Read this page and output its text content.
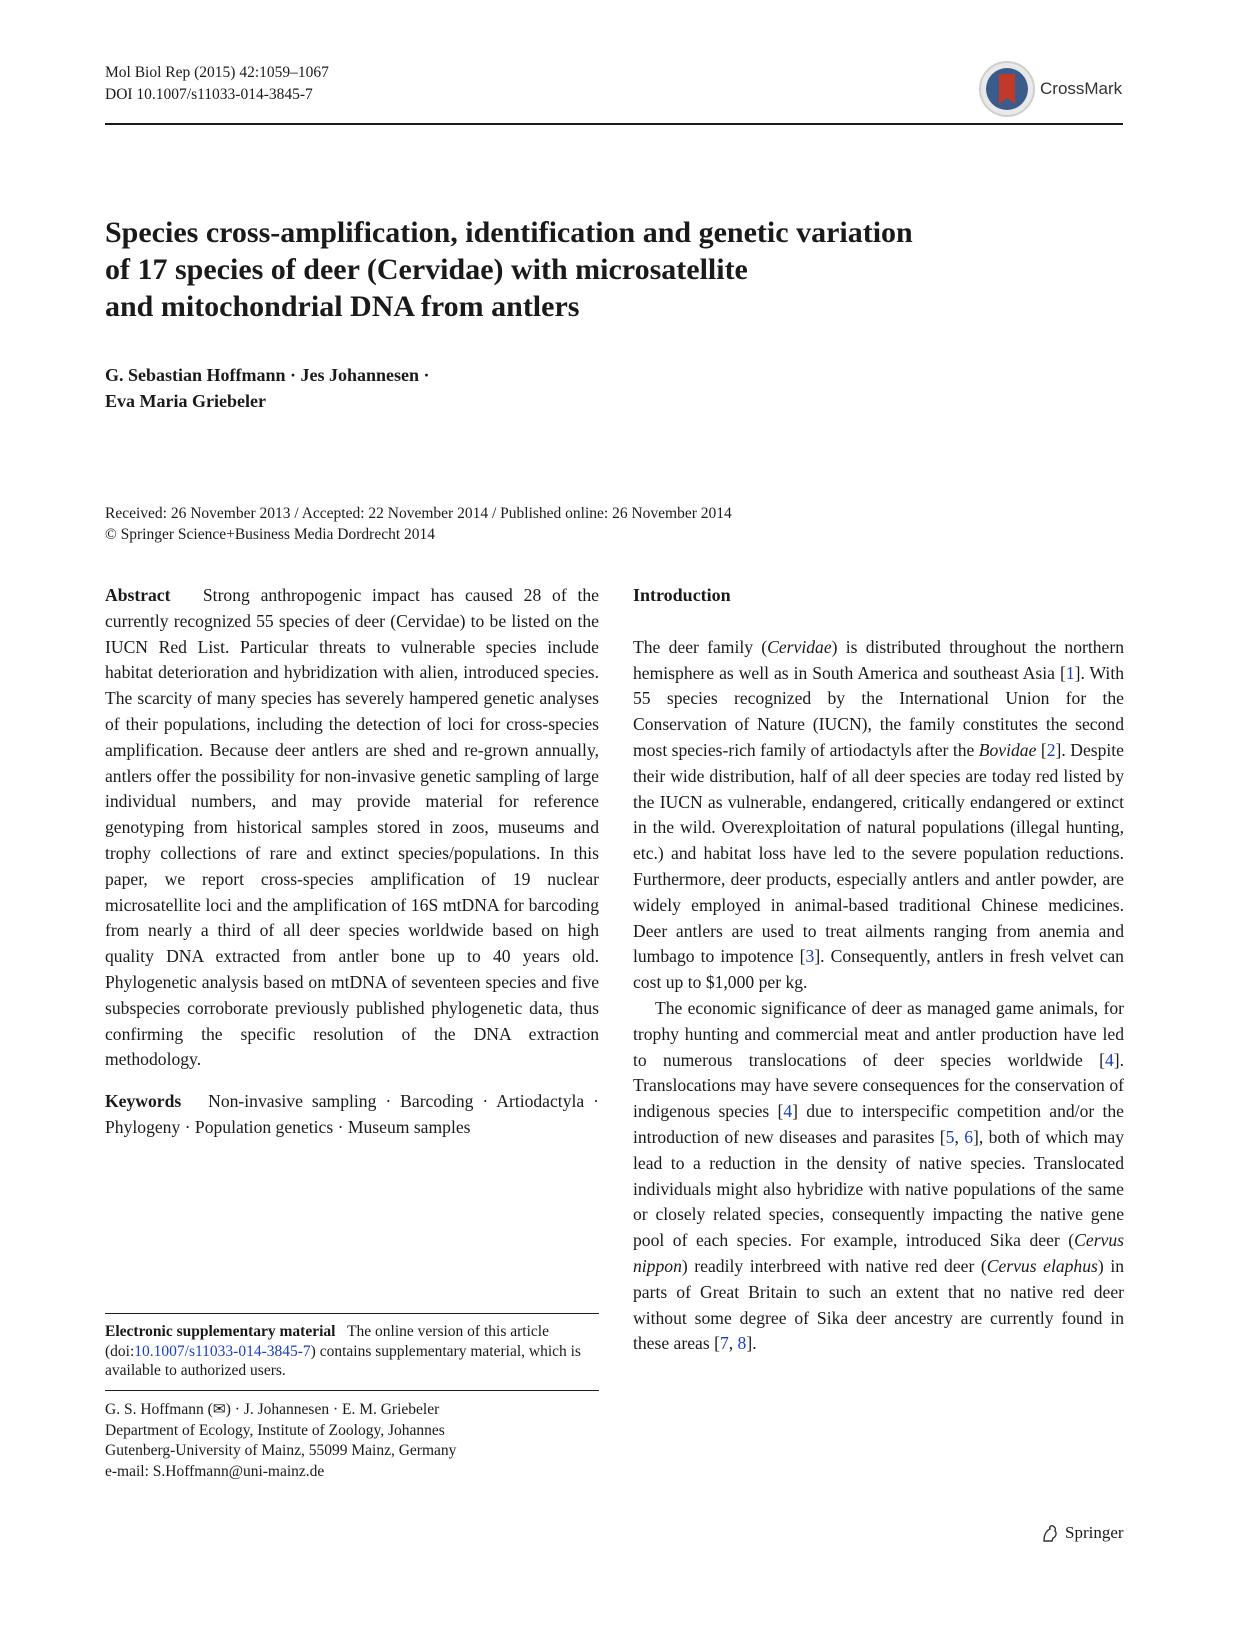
Mol Biol Rep (2015) 42:1059–1067
DOI 10.1007/s11033-014-3845-7	CrossMark
Species cross-amplification, identification and genetic variation
of 17 species of deer (Cervidae) with microsatellite
and mitochondrial DNA from antlers
G. Sebastian Hoffmann · Jes Johannesen ·
Eva Maria Griebeler
Received: 26 November 2013 / Accepted: 22 November 2014 / Published online: 26 November 2014
© Springer Science+Business Media Dordrecht 2014

Abstract Strong anthropogenic impact has caused 28 of the currently recognized 55 species of deer (Cervidae) to be listed on the IUCN Red List. Particular threats to vulnerable species include habitat deterioration and hybridization with alien, introduced species. The scarcity of many species has severely hampered genetic analyses of their populations, including the detection of loci for cross-species amplification. Because deer antlers are shed and re-grown annually, antlers offer the possibility for non-invasive genetic sampling of large individual numbers, and may provide material for reference genotyping from historical samples stored in zoos, museums and trophy collections of rare and extinct species/populations. In this paper, we report cross-species amplification of 19 nuclear microsatellite loci and the amplification of 16S mtDNA for barcoding from nearly a third of all deer species worldwide based on high quality DNA extracted from antler bone up to 40 years old. Phylogenetic analysis based on mtDNA of seventeen species and five subspecies corroborate previously published phylogenetic data, thus confirming the specific resolution of the DNA extraction methodology.

Keywords Non-invasive sampling · Barcoding · Artiodactyla · Phylogeny · Population genetics · Museum samples

Electronic supplementary material The online version of this article (doi:10.1007/s11033-014-3845-7) contains supplementary material, which is available to authorized users.
G. S. Hoffmann (✉) · J. Johannesen · E. M. Griebeler
Department of Ecology, Institute of Zoology, Johannes
Gutenberg-University of Mainz, 55099 Mainz, Germany
e-mail: S.Hoffmann@uni-mainz.de

Introduction

The deer family (Cervidae) is distributed throughout the northern hemisphere as well as in South America and southeast Asia [1]. With 55 species recognized by the International Union for the Conservation of Nature (IUCN), the family constitutes the second most species-rich family of artiodactyls after the Bovidae [2]. Despite their wide distribution, half of all deer species are today red listed by the IUCN as vulnerable, endangered, critically endangered or extinct in the wild. Overexploitation of natural populations (illegal hunting, etc.) and habitat loss have led to the severe population reductions. Furthermore, deer products, especially antlers and antler powder, are widely employed in animal-based traditional Chinese medicines. Deer antlers are used to treat ailments ranging from anemia and lumbago to impotence [3]. Consequently, antlers in fresh velvet can cost up to $1,000 per kg.

The economic significance of deer as managed game animals, for trophy hunting and commercial meat and antler production have led to numerous translocations of deer species worldwide [4]. Translocations may have severe consequences for the conservation of indigenous species [4] due to interspecific competition and/or the introduction of new diseases and parasites [5, 6], both of which may lead to a reduction in the density of native species. Translocated individuals might also hybridize with native populations of the same or closely related species, consequently impacting the native gene pool of each species. For example, introduced Sika deer (Cervus nippon) readily interbreed with native red deer (Cervus elaphus) in parts of Great Britain to such an extent that no native red deer without some degree of Sika deer ancestry are currently found in these areas [7, 8].

Springer
